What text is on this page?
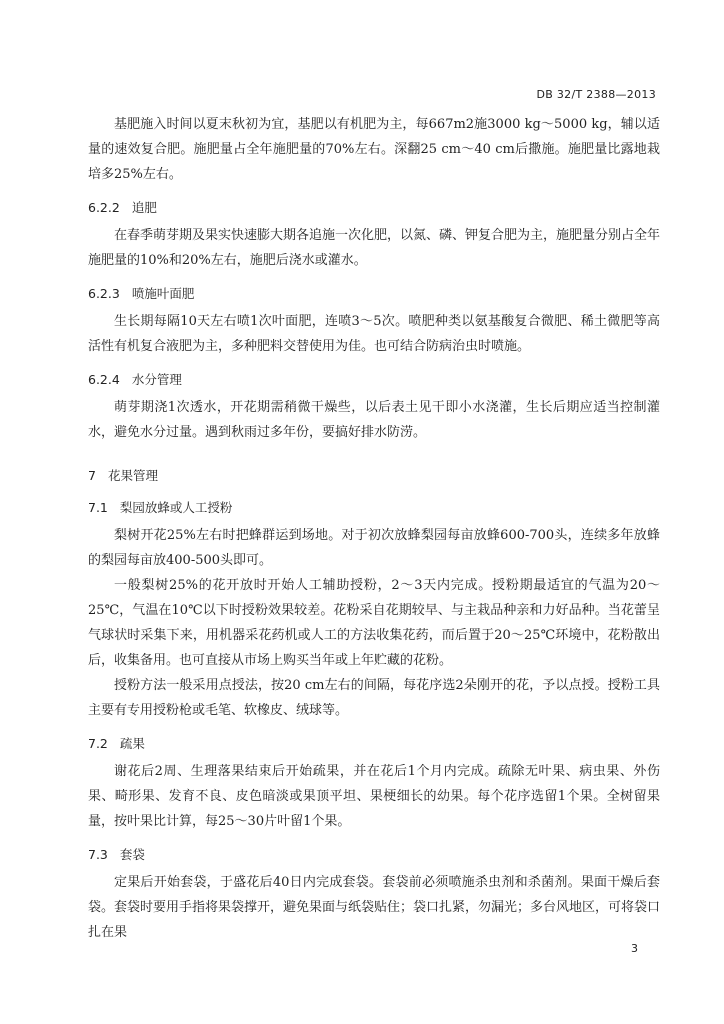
DB 32/T 2388—2013

基肥施入时间以夏末秋初为宜，基肥以有机肥为主，每667m2施3000 kg～5000 kg，辅以适量的速效复合肥。施肥量占全年施肥量的70%左右。深翻25 cm～40 cm后撒施。施肥量比露地栽培多25%左右。

6.2.2 追肥

在春季萌芽期及果实快速膨大期各追施一次化肥，以氮、磷、钾复合肥为主，施肥量分别占全年施肥量的10%和20%左右，施肥后浇水或灌水。

6.2.3 喷施叶面肥

生长期每隔10天左右喷1次叶面肥，连喷3～5次。喷肥种类以氨基酸复合微肥、稀土微肥等高活性有机复合液肥为主，多种肥料交替使用为佳。也可结合防病治虫时喷施。

6.2.4 水分管理

萌芽期浇1次透水，开花期需稍微干燥些，以后表土见干即小水浇灌，生长后期应适当控制灌水，避免水分过量。遇到秋雨过多年份，要搞好排水防涝。

7 花果管理
7.1 梨园放蜂或人工授粉

梨树开花25%左右时把蜂群运到场地。对于初次放蜂梨园每亩放蜂600-700头，连续多年放蜂的梨园每亩放400-500头即可。

一般梨树25%的花开放时开始人工辅助授粉，2～3天内完成。授粉期最适宜的气温为20～25℃，气温在10℃以下时授粉效果较差。花粉采自花期较早、与主栽品种亲和力好品种。当花蕾呈气球状时采集下来，用机器采花药机或人工的方法收集花药，而后置于20～25℃环境中，花粉散出后，收集备用。也可直接从市场上购买当年或上年贮藏的花粉。

授粉方法一般采用点授法，按20 cm左右的间隔，每花序选2朵刚开的花，予以点授。授粉工具主要有专用授粉枪或毛笔、软橡皮、绒球等。

7.2 疏果

谢花后2周、生理落果结束后开始疏果，并在花后1个月内完成。疏除无叶果、病虫果、外伤果、畸形果、发育不良、皮色暗淡或果顶平坦、果梗细长的幼果。每个花序选留1个果。全树留果量，按叶果比计算，每25～30片叶留1个果。

7.3 套袋

定果后开始套袋，于盛花后40日内完成套袋。套袋前必须喷施杀虫剂和杀菌剂。果面干燥后套袋。套袋时要用手指将果袋撑开，避免果面与纸袋贴住；袋口扎紧，勿漏光；多台风地区，可将袋口扎在果

3
